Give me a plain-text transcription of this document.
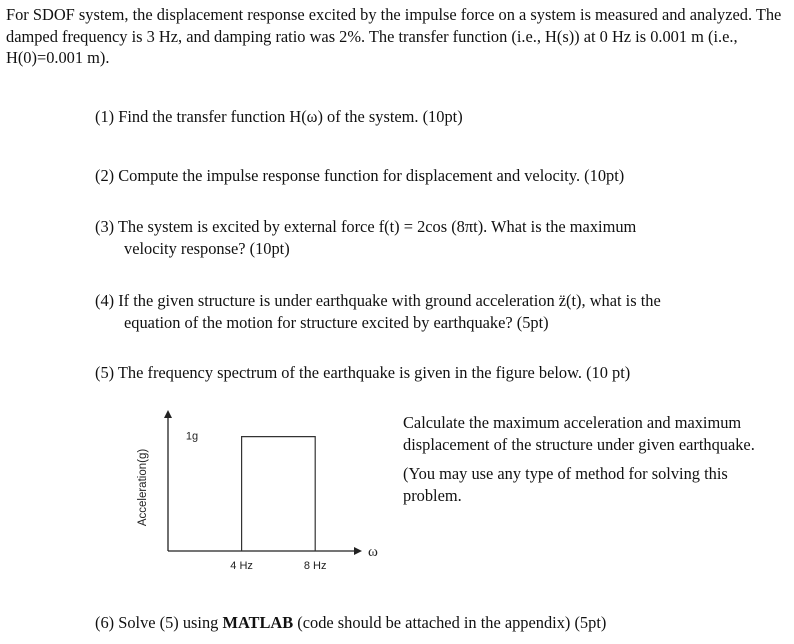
For SDOF system, the displacement response excited by the impulse force on a system is measured and analyzed. The damped frequency is 3 Hz, and damping ratio was 2%. The transfer function (i.e., H(s)) at 0 Hz is 0.001 m (i.e., H(0)=0.001 m).
(1) Find the transfer function H(ω) of the system. (10pt)
(2) Compute the impulse response function for displacement and velocity. (10pt)
(3) The system is excited by external force f(t) = 2cos (8πt). What is the maximum
velocity response? (10pt)
(4) If the given structure is under earthquake with ground acceleration z̈(t), what is the
equation of the motion for structure excited by earthquake? (5pt)
(5) The frequency spectrum of the earthquake is given in the figure below. (10 pt)
1g
4 Hz	8 Hz
ω
Acceleration(g)

Calculate the maximum acceleration and maximum displacement of the structure under given earthquake.

(You may use any type of method for solving this problem.

(6) Solve (5) using MATLAB (code should be attached in the appendix) (5pt)
